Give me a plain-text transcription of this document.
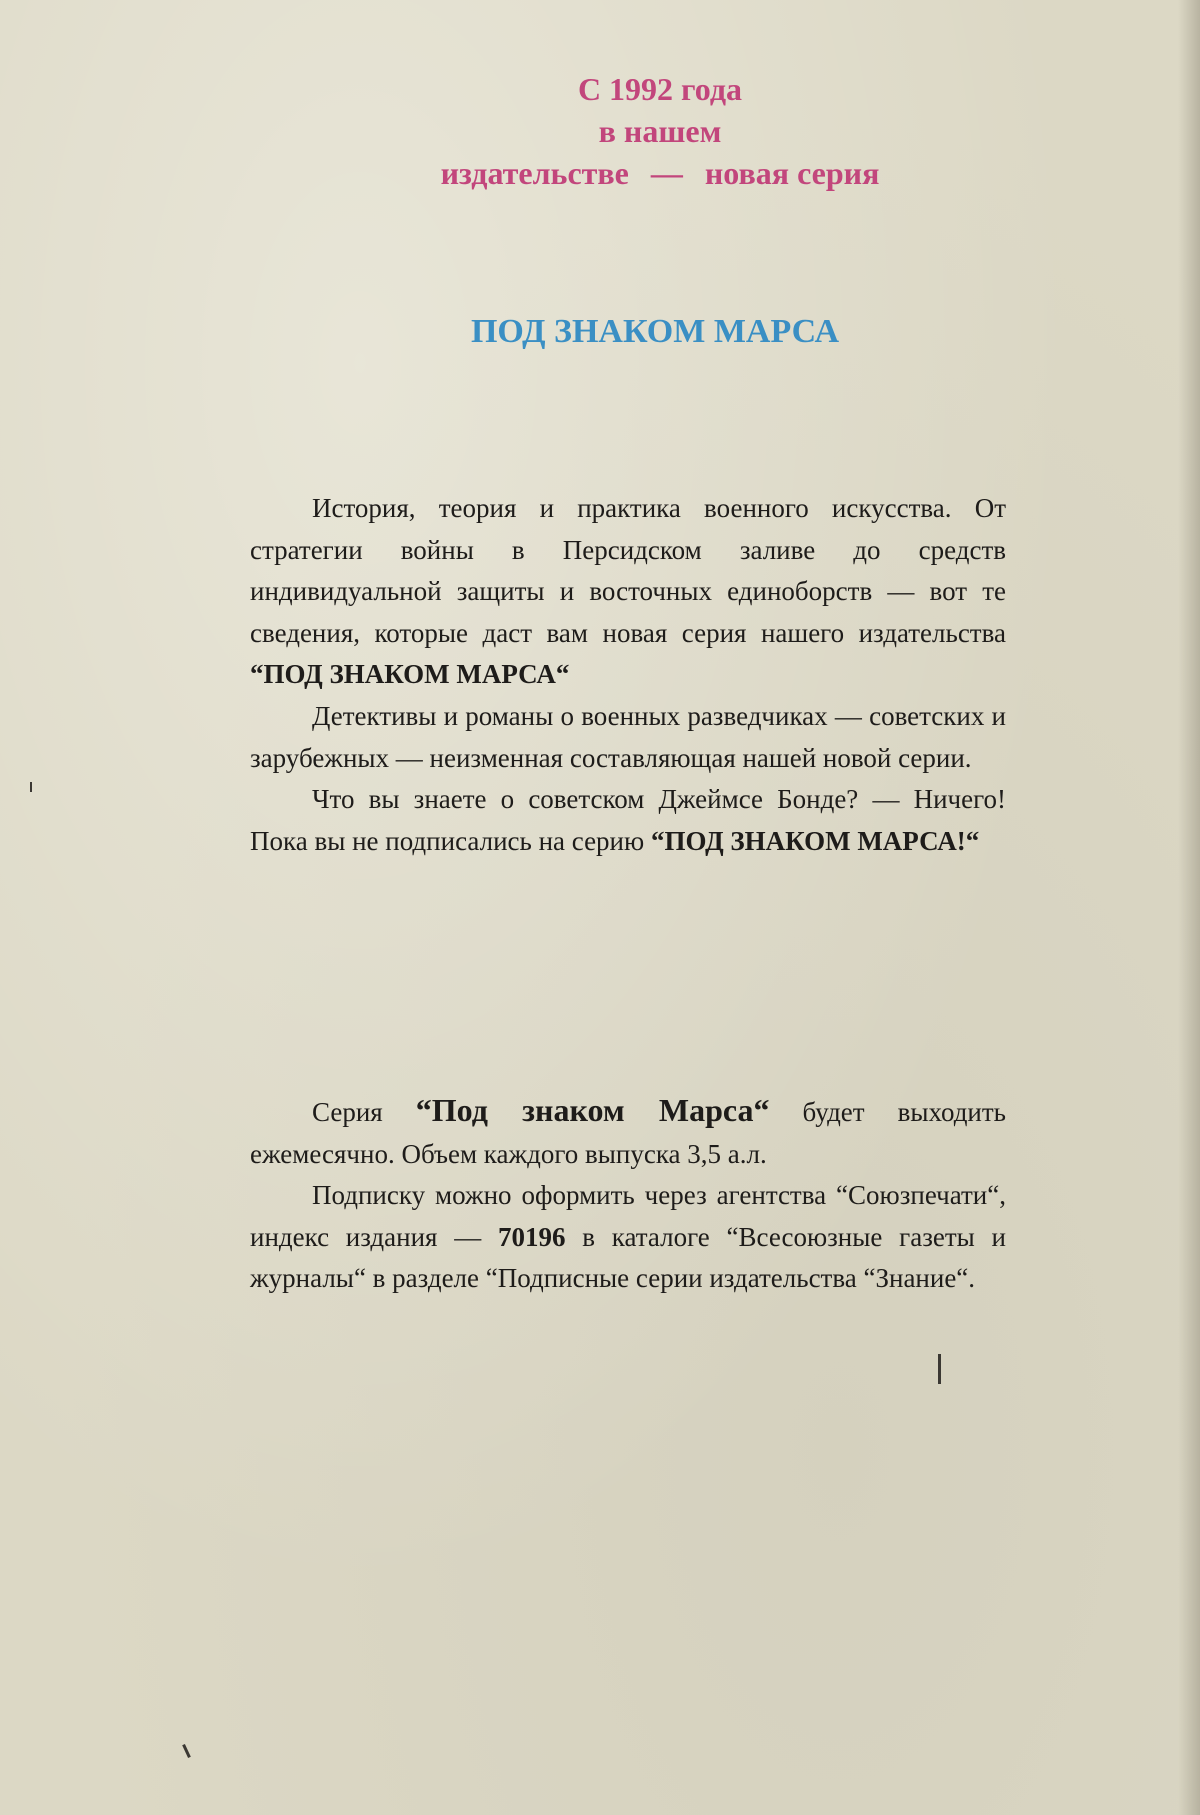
С 1992 года
в нашем
издательстве — новая серия
ПОД ЗНАКОМ МАРСА

История, теория и практика военного искусства. От стратегии войны в Персидском заливе до средств индивидуальной защиты и восточных единоборств — вот те сведения, которые даст вам новая серия нашего издательства “ПОД ЗНАКОМ МАРСА“

Детективы и романы о военных разведчиках — советских и зарубежных — неизменная составляющая нашей новой серии.

Что вы знаете о советском Джеймсе Бонде? — Ничего! Пока вы не подписались на серию “ПОД ЗНАКОМ МАРСА!“

Серия “Под знаком Марса“ будет выходить ежемесячно. Объем каждого выпуска 3,5 а.л.

Подписку можно оформить через агентства “Союзпечати“, индекс издания — 70196 в каталоге “Всесоюзные газеты и журналы“ в разделе “Подписные серии издательства “Знание“.
